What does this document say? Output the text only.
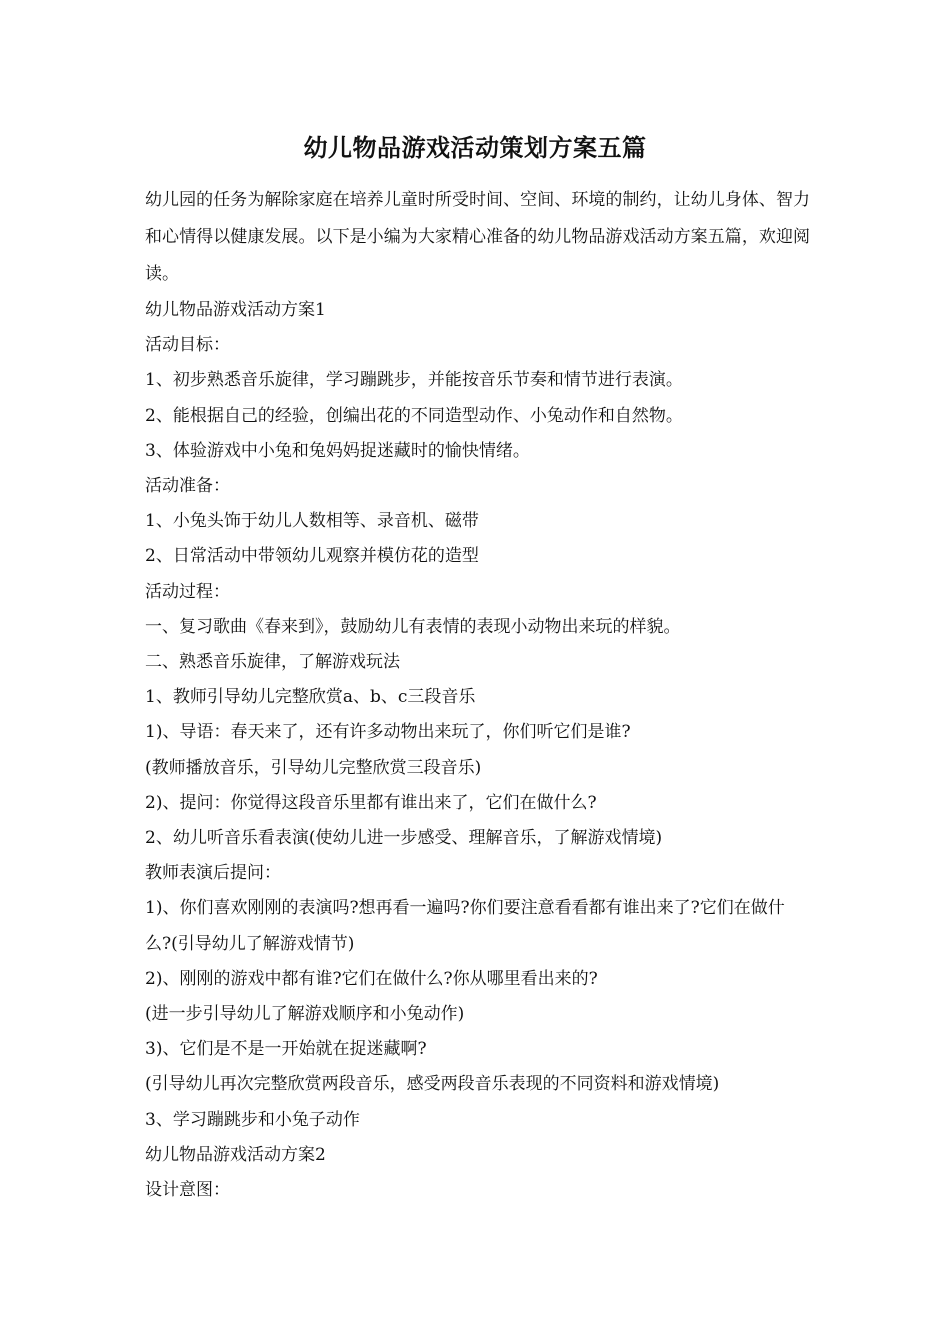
幼儿物品游戏活动策划方案五篇

幼儿园的任务为解除家庭在培养儿童时所受时间、空间、环境的制约，让幼儿身体、智力和心情得以健康发展。以下是小编为大家精心准备的幼儿物品游戏活动方案五篇，欢迎阅读。

幼儿物品游戏活动方案1

活动目标：

1、初步熟悉音乐旋律，学习蹦跳步，并能按音乐节奏和情节进行表演。

2、能根据自己的经验，创编出花的不同造型动作、小兔动作和自然物。

3、体验游戏中小兔和兔妈妈捉迷藏时的愉快情绪。

活动准备：

1、小兔头饰于幼儿人数相等、录音机、磁带

2、日常活动中带领幼儿观察并模仿花的造型

活动过程：

一、复习歌曲《春来到》，鼓励幼儿有表情的表现小动物出来玩的样貌。

二、熟悉音乐旋律，了解游戏玩法

1、教师引导幼儿完整欣赏a、b、c三段音乐

1)、导语：春天来了，还有许多动物出来玩了，你们听它们是谁?

(教师播放音乐，引导幼儿完整欣赏三段音乐)

2)、提问：你觉得这段音乐里都有谁出来了，它们在做什么?

2、幼儿听音乐看表演(使幼儿进一步感受、理解音乐，了解游戏情境)

教师表演后提问：

1)、你们喜欢刚刚的表演吗?想再看一遍吗?你们要注意看看都有谁出来了?它们在做什么?(引导幼儿了解游戏情节)

2)、刚刚的游戏中都有谁?它们在做什么?你从哪里看出来的?

(进一步引导幼儿了解游戏顺序和小兔动作)

3)、它们是不是一开始就在捉迷藏啊?

(引导幼儿再次完整欣赏两段音乐，感受两段音乐表现的不同资料和游戏情境)

3、学习蹦跳步和小兔子动作

幼儿物品游戏活动方案2

设计意图：
